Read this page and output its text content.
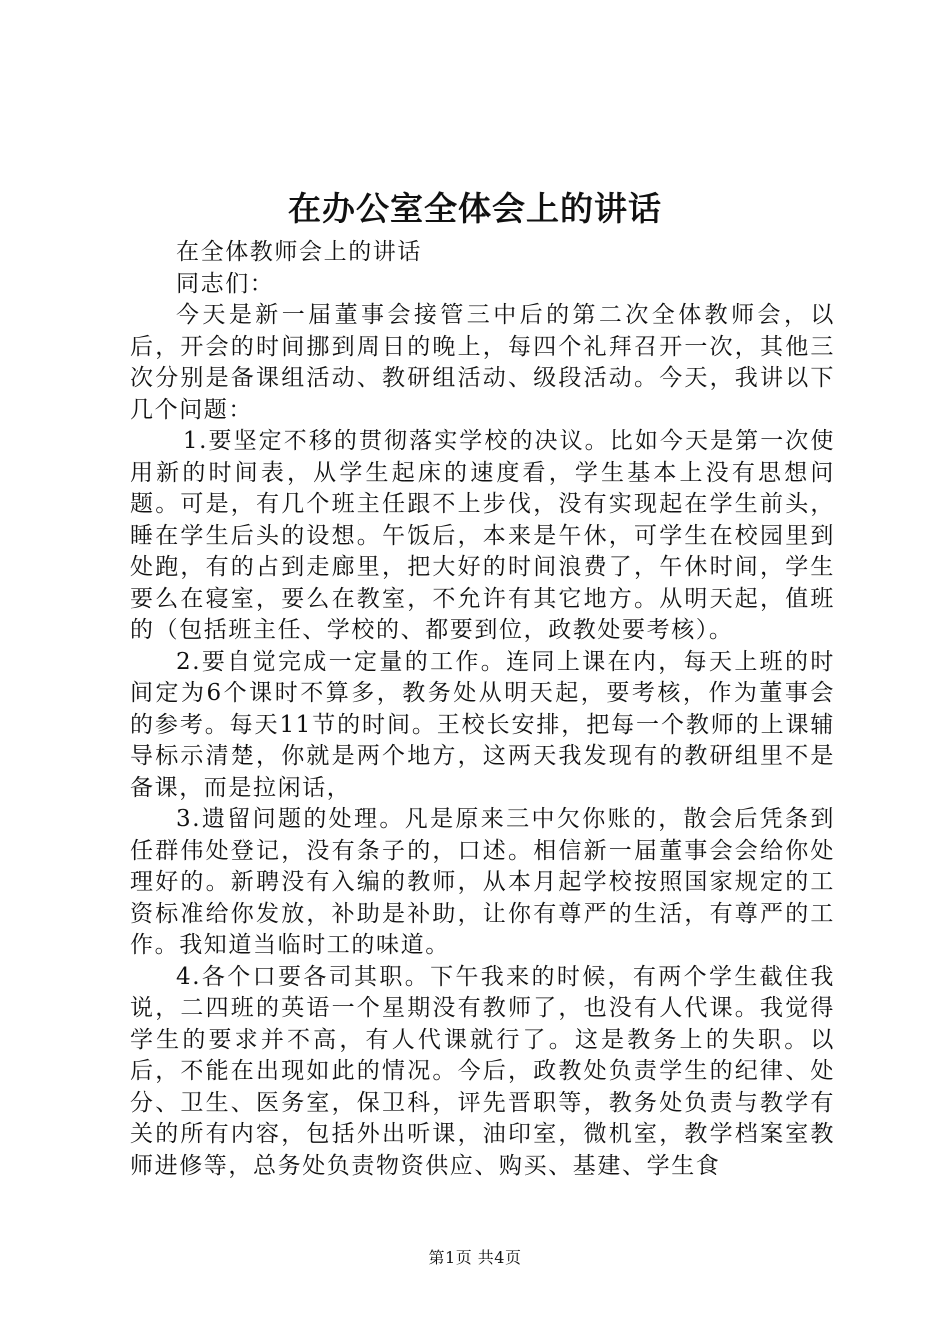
在办公室全体会上的讲话

在全体教师会上的讲话

同志们：

今天是新一届董事会接管三中后的第二次全体教师会，以后，开会的时间挪到周日的晚上，每四个礼拜召开一次，其他三次分别是备课组活动、教研组活动、级段活动。今天，我讲以下几个问题：

1.要坚定不移的贯彻落实学校的决议。比如今天是第一次使用新的时间表，从学生起床的速度看，学生基本上没有思想问题。可是，有几个班主任跟不上步伐，没有实现起在学生前头，睡在学生后头的设想。午饭后，本来是午休，可学生在校园里到处跑，有的占到走廊里，把大好的时间浪费了，午休时间，学生要么在寝室，要么在教室，不允许有其它地方。从明天起，值班的（包括班主任、学校的、都要到位，政教处要考核）。

2.要自觉完成一定量的工作。连同上课在内，每天上班的时间定为6个课时不算多，教务处从明天起，要考核，作为董事会的参考。每天11节的时间。王校长安排，把每一个教师的上课辅导标示清楚，你就是两个地方，这两天我发现有的教研组里不是备课，而是拉闲话，

3.遗留问题的处理。凡是原来三中欠你账的，散会后凭条到任群伟处登记，没有条子的，口述。相信新一届董事会会给你处理好的。新聘没有入编的教师，从本月起学校按照国家规定的工资标准给你发放，补助是补助，让你有尊严的生活，有尊严的工作。我知道当临时工的味道。

4.各个口要各司其职。下午我来的时候，有两个学生截住我说，二四班的英语一个星期没有教师了，也没有人代课。我觉得学生的要求并不高，有人代课就行了。这是教务上的失职。以后，不能在出现如此的情况。今后，政教处负责学生的纪律、处分、卫生、医务室，保卫科，评先晋职等，教务处负责与教学有关的所有内容，包括外出听课，油印室，微机室，教学档案室教师进修等，总务处负责物资供应、购买、基建、学生食

第1页 共4页
